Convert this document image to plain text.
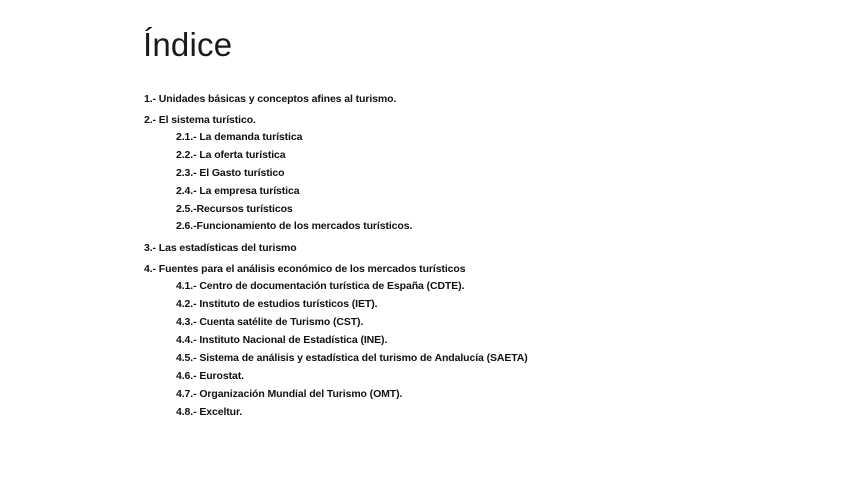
Índice
1.- Unidades básicas y conceptos afines al turismo.
2.- El sistema turístico.
2.1.- La demanda turística
2.2.- La oferta turística
2.3.- El Gasto turístico
2.4.- La empresa turística
2.5.-Recursos turísticos
2.6.-Funcionamiento de los mercados turísticos.
3.- Las estadísticas del turismo
4.- Fuentes para el análisis económico de los mercados turísticos
4.1.- Centro de documentación turística de España (CDTE).
4.2.- Instituto de estudios turísticos (IET).
4.3.- Cuenta satélite de Turismo (CST).
4.4.- Instituto Nacional de Estadística (INE).
4.5.- Sistema de análisis y estadística del turismo de Andalucía (SAETA)
4.6.- Eurostat.
4.7.- Organización Mundial del Turismo (OMT).
4.8.- Exceltur.
